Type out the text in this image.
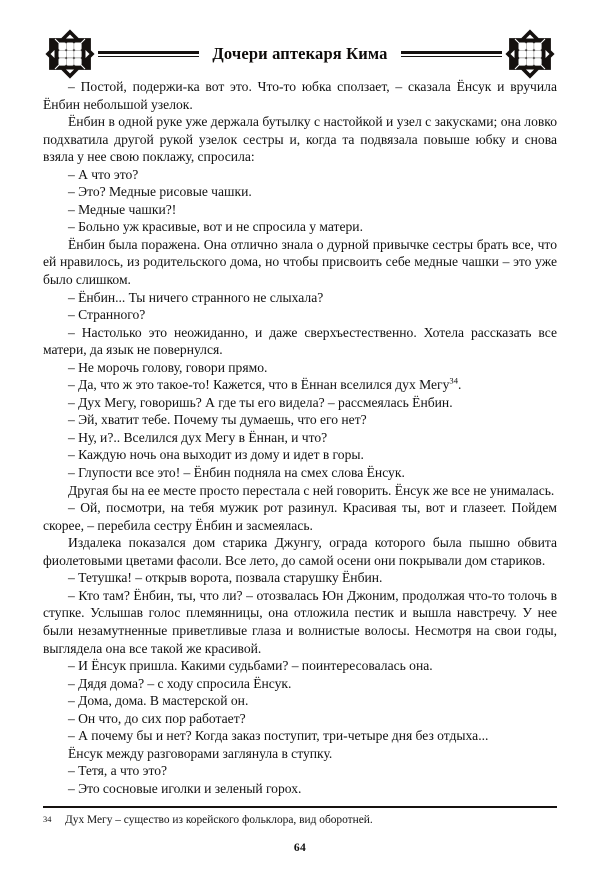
Дочери аптекаря Кима

– Постой, подержи-ка вот это. Что-то юбка сползает, – сказала Ёнсук и вручила Ёнбин небольшой узелок.

Ёнбин в одной руке уже держала бутылку с настойкой и узел с закусками; она ловко подхватила другой рукой узелок сестры и, когда та подвязала повыше юбку и снова взяла у нее свою поклажу, спросила:

– А что это?

– Это? Медные рисовые чашки.

– Медные чашки?!

– Больно уж красивые, вот и не спросила у матери.

Ёнбин была поражена. Она отлично знала о дурной привычке сестры брать все, что ей нравилось, из родительского дома, но чтобы присвоить себе медные чашки – это уже было слишком.

– Ёнбин... Ты ничего странного не слыхала?

– Странного?

– Настолько это неожиданно, и даже сверхъестественно. Хотела рассказать все матери, да язык не повернулся.

– Не морочь голову, говори прямо.

– Да, что ж это такое-то! Кажется, что в Ённан вселился дух Мегу$^{34}$.

– Дух Мегу, говоришь? А где ты его видела? – рассмеялась Ёнбин.

– Эй, хватит тебе. Почему ты думаешь, что его нет?

– Ну, и?.. Вселился дух Мегу в Ённан, и что?

– Каждую ночь она выходит из дому и идет в горы.

– Глупости все это! – Ёнбин подняла на смех слова Ёнсук.

Другая бы на ее месте просто перестала с ней говорить. Ёнсук же все не унималась.

– Ой, посмотри, на тебя мужик рот разинул. Красивая ты, вот и глазеет. Пойдем скорее, – перебила сестру Ёнбин и засмеялась.

Издалека показался дом старика Джунгу, ограда которого была пышно обвита фиолетовыми цветами фасоли. Все лето, до самой осени они покрывали дом стариков.

– Тетушка! – открыв ворота, позвала старушку Ёнбин.

– Кто там? Ёнбин, ты, что ли? – отозвалась Юн Джоним, продолжая что-то толочь в ступке. Услышав голос племянницы, она отложила пестик и вышла навстречу. У нее были незамутненные приветливые глаза и волнистые волосы. Несмотря на свои годы, выглядела она все такой же красивой.

– И Ёнсук пришла. Какими судьбами? – поинтересовалась она.

– Дядя дома? – с ходу спросила Ёнсук.

– Дома, дома. В мастерской он.

– Он что, до сих пор работает?

– А почему бы и нет? Когда заказ поступит, три-четыре дня без отдыха...

Ёнсук между разговорами заглянула в ступку.

– Тетя, а что это?

– Это сосновые иголки и зеленый горох.

34	Дух Мегу – существо из корейского фольклора, вид оборотней.
64
